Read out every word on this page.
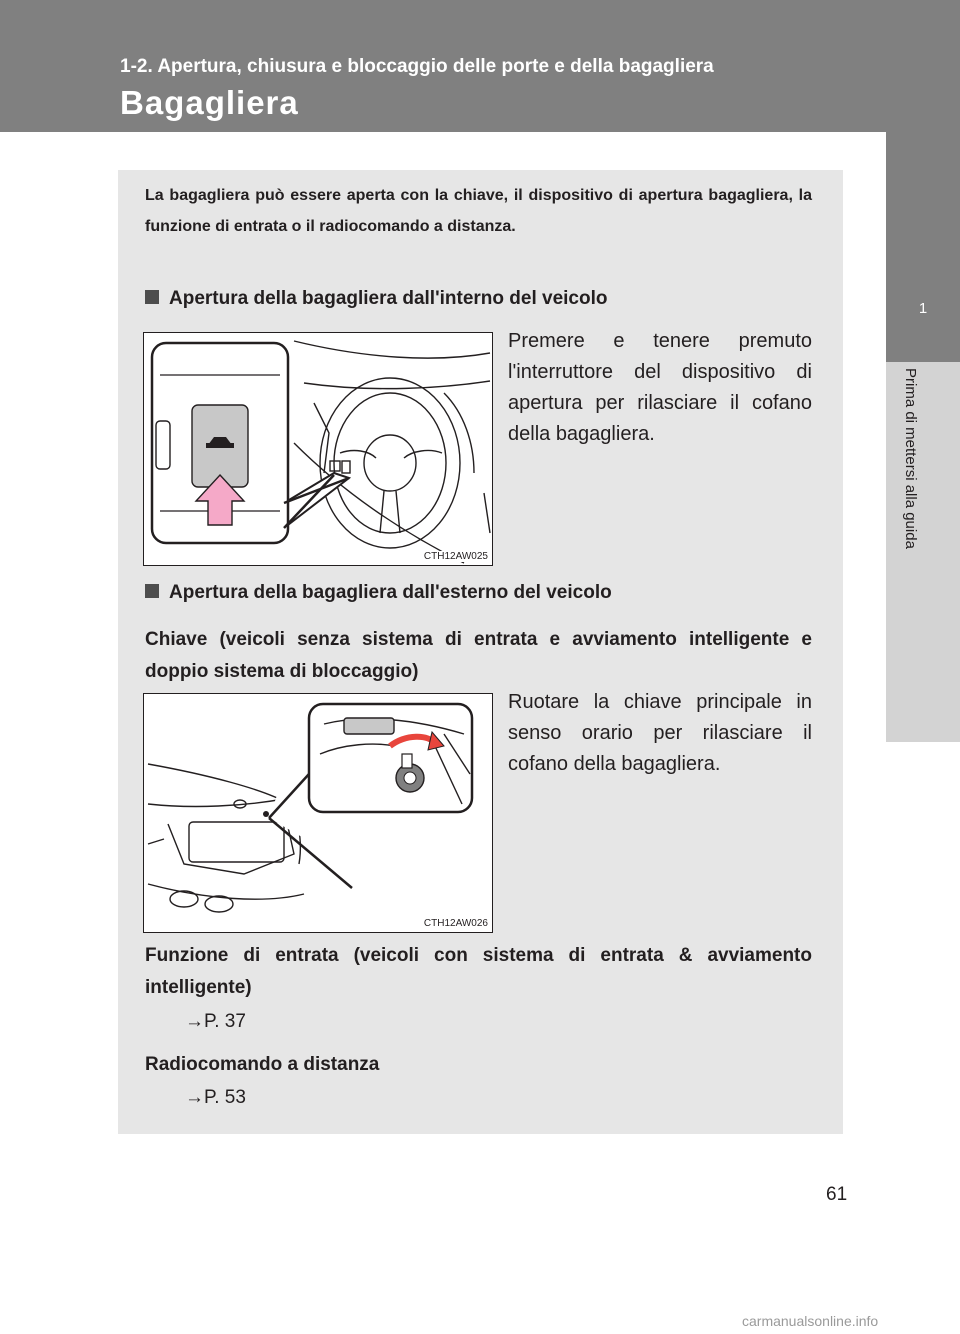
1-2. Apertura, chiusura e bloccaggio delle porte e della bagagliera
Bagagliera
1
Prima di mettersi alla guida

La bagagliera può essere aperta con la chiave, il dispositivo di apertura bagagliera, la funzione di entrata o il radiocomando a distanza.

Apertura della bagagliera dall'interno del veicolo
CTH12AW025

Premere e tenere premuto l'interruttore del dispositivo di apertura per rilasciare il cofano della bagagliera.

Apertura della bagagliera dall'esterno del veicolo

Chiave (veicoli senza sistema di entrata e avviamento intelligente e doppio sistema di bloccaggio)

CTH12AW026

Ruotare la chiave principale in senso orario per rilasciare il cofano della bagagliera.

Funzione di entrata (veicoli con sistema di entrata & avviamento intelligente)

→P. 37

Radiocomando a distanza

→P. 53

61

carmanualsonline.info
